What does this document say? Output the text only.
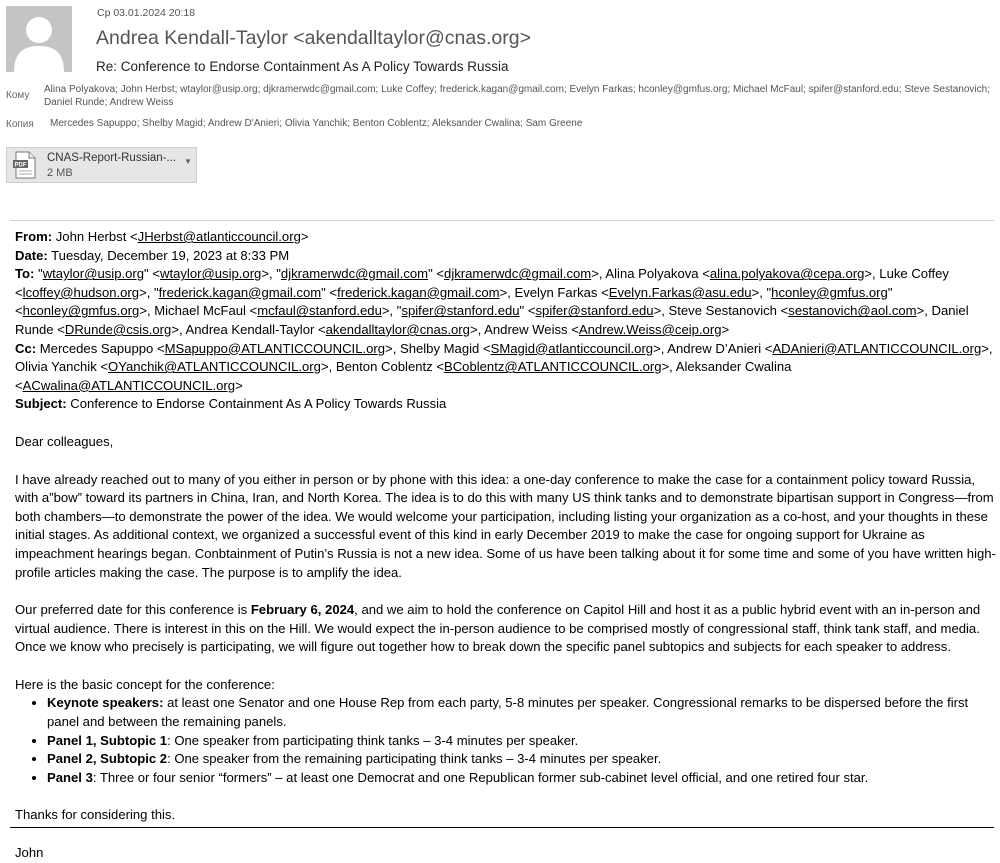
Ср 03.01.2024 20:18
Andrea Kendall-Taylor <akendalltaylor@cnas.org>
Re: Conference to Endorse Containment As A Policy Towards Russia
Кому
Alina Polyakova; John Herbst; wtaylor@usip.org; djkramerwdc@gmail.com; Luke Coffey; frederick.kagan@gmail.com; Evelyn Farkas; hconley@gmfus.org; Michael McFaul; spifer@stanford.edu; Steve Sestanovich; Daniel Runde; Andrew Weiss
Копия Mercedes Sapuppo; Shelby Magid; Andrew D'Anieri; Olivia Yanchik; Benton Coblentz; Aleksander Cwalina; Sam Greene
PDF
CNAS-Report-Russian-...
2 MB
▼

From: John Herbst <JHerbst@atlanticcouncil.org>

Date: Tuesday, December 19, 2023 at 8:33 PM

To: "wtaylor@usip.org" <wtaylor@usip.org>, "djkramerwdc@gmail.com" <djkramerwdc@gmail.com>, Alina Polyakova <alina.polyakova@cepa.org>, Luke Coffey <lcoffey@hudson.org>, "frederick.kagan@gmail.com" <frederick.kagan@gmail.com>, Evelyn Farkas <Evelyn.Farkas@asu.edu>, "hconley@gmfus.org" <hconley@gmfus.org>, Michael McFaul <mcfaul@stanford.edu>, "spifer@stanford.edu" <spifer@stanford.edu>, Steve Sestanovich <sestanovich@aol.com>, Daniel Runde <DRunde@csis.org>, Andrea Kendall-Taylor <akendalltaylor@cnas.org>, Andrew Weiss <Andrew.Weiss@ceip.org>

Cc: Mercedes Sapuppo <MSapuppo@ATLANTICCOUNCIL.org>, Shelby Magid <SMagid@atlanticcouncil.org>, Andrew D’Anieri <ADAnieri@ATLANTICCOUNCIL.org>, Olivia Yanchik <OYanchik@ATLANTICCOUNCIL.org>, Benton Coblentz <BCoblentz@ATLANTICCOUNCIL.org>, Aleksander Cwalina <ACwalina@ATLANTICCOUNCIL.org>

Subject: Conference to Endorse Containment As A Policy Towards Russia

Dear colleagues,

I have already reached out to many of you either in person or by phone with this idea: a one-day conference to make the case for a containment policy toward Russia, with a”bow” toward its partners in China, Iran, and North Korea. The idea is to do this with many US think tanks and to demonstrate bipartisan support in Congress—from both chambers—to demonstrate the power of the idea. We would welcome your participation, including listing your organization as a co-host, and your thoughts in these initial stages. As additional context, we organized a successful event of this kind in early December 2019 to make the case for ongoing support for Ukraine as impeachment hearings began. Conbtainment of Putin’s Russia is not a new idea. Some of us have been talking about it for some time and some of you have written high-profile articles making the case. The purpose is to amplify the idea.

Our preferred date for this conference is February 6, 2024, and we aim to hold the conference on Capitol Hill and host it as a public hybrid event with an in-person and virtual audience. There is interest in this on the Hill. We would expect the in-person audience to be comprised mostly of congressional staff, think tank staff, and media. Once we know who precisely is participating, we will figure out together how to break down the specific panel subtopics and subjects for each speaker to address.

Here is the basic concept for the conference:

• Keynote speakers: at least one Senator and one House Rep from each party, 5-8 minutes per speaker. Congressional remarks to be dispersed before the first panel and between the remaining panels.
• Panel 1, Subtopic 1: One speaker from participating think tanks – 3-4 minutes per speaker.
• Panel 2, Subtopic 2: One speaker from the remaining participating think tanks – 3-4 minutes per speaker.
• Panel 3: Three or four senior “formers” – at least one Democrat and one Republican former sub-cabinet level official, and one retired four star.

Thanks for considering this.

John
